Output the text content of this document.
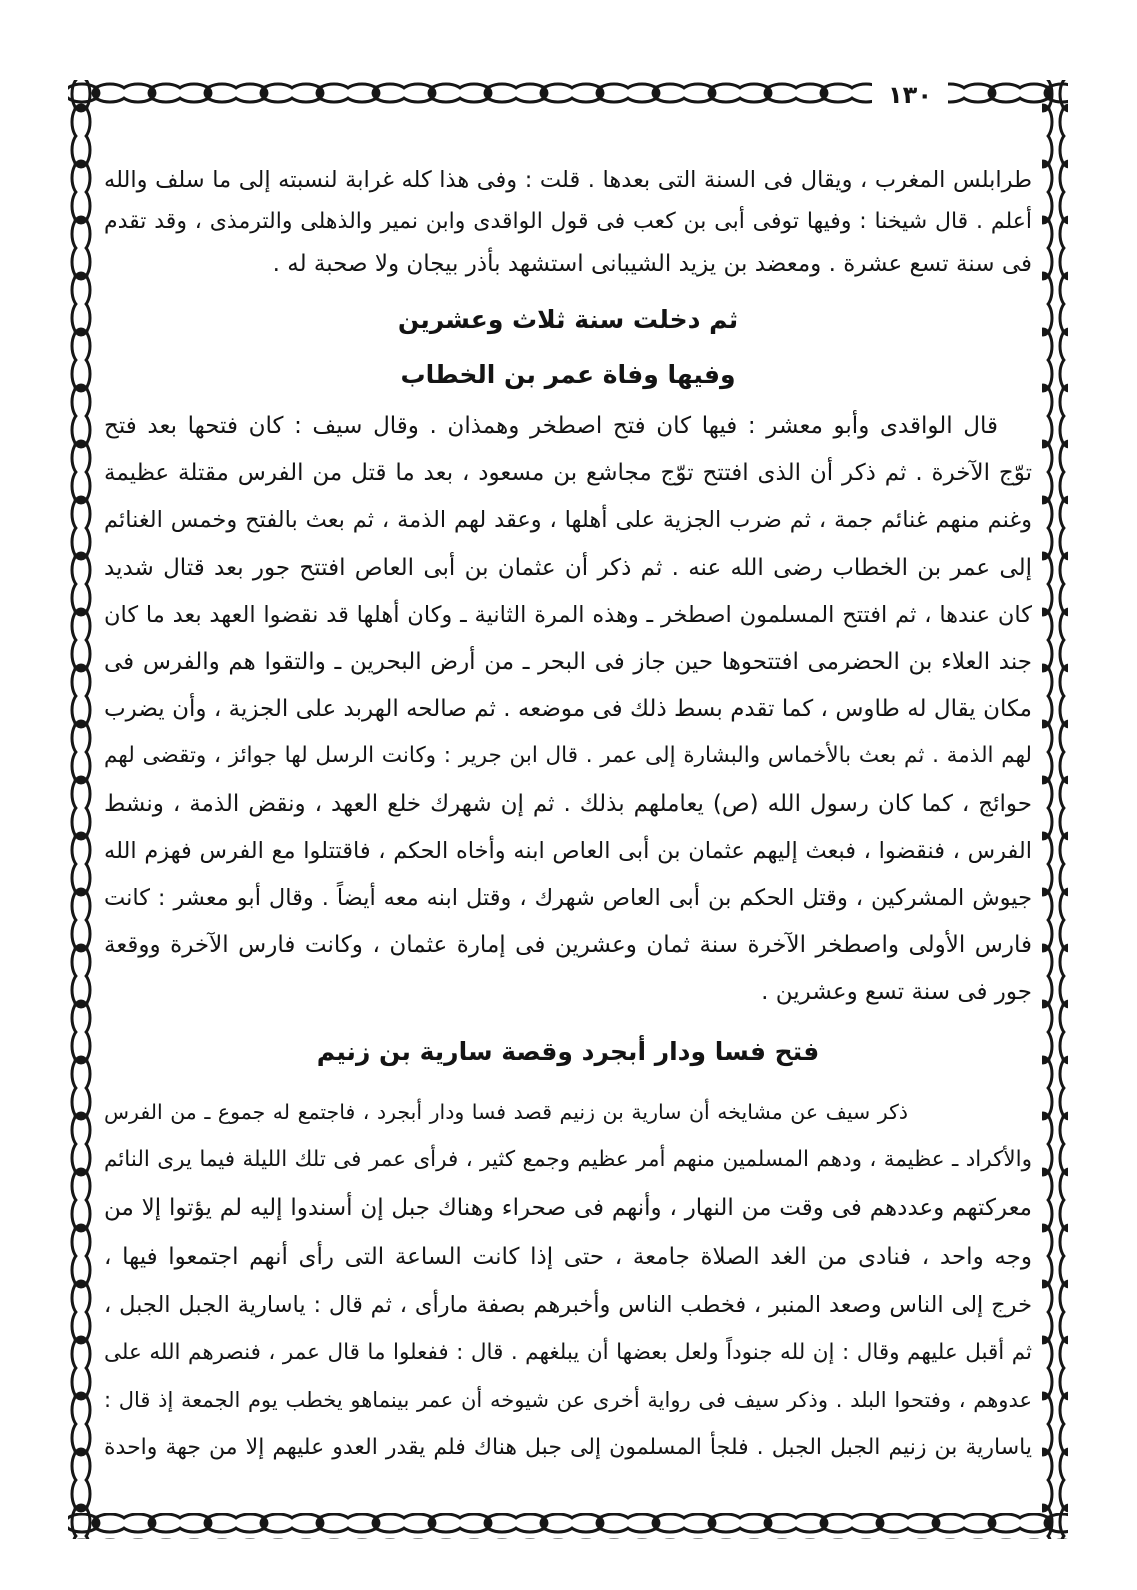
١٣٠
طرابلس المغرب ، ويقال فى السنة التى بعدها . قلت : وفى هذا كله غرابة لنسبته إلى ما سلف والله
أعلم . قال شيخنا : وفيها توفى أبى بن كعب فى قول الواقدى وابن نمير والذهلى والترمذى ، وقد تقدم
فى سنة تسع عشرة . ومعضد بن يزيد الشيبانى استشهد بأذر بيجان ولا صحبة له .
ثم دخلت سنة ثلاث وعشرين
وفيها وفاة عمر بن الخطاب
قال الواقدى وأبو معشر : فيها كان فتح اصطخر وهمذان . وقال سيف : كان فتحها بعد فتح
توّج الآخرة . ثم ذكر أن الذى افتتح توّج مجاشع بن مسعود ، بعد ما قتل من الفرس مقتلة عظيمة
وغنم منهم غنائم جمة ، ثم ضرب الجزية على أهلها ، وعقد لهم الذمة ، ثم بعث بالفتح وخمس الغنائم
إلى عمر بن الخطاب رضى الله عنه . ثم ذكر أن عثمان بن أبى العاص افتتح جور بعد قتال شديد
كان عندها ، ثم افتتح المسلمون اصطخر ـ وهذه المرة الثانية ـ وكان أهلها قد نقضوا العهد بعد ما كان
جند العلاء بن الحضرمى افتتحوها حين جاز فى البحر ـ من أرض البحرين ـ والتقوا هم والفرس فى
مكان يقال له طاوس ، كما تقدم بسط ذلك فى موضعه . ثم صالحه الهربد على الجزية ، وأن يضرب
لهم الذمة . ثم بعث بالأخماس والبشارة إلى عمر . قال ابن جرير : وكانت الرسل لها جوائز ، وتقضى لهم
حوائج ، كما كان رسول الله (ص) يعاملهم بذلك . ثم إن شهرك خلع العهد ، ونقض الذمة ، ونشط
الفرس ، فنقضوا ، فبعث إليهم عثمان بن أبى العاص ابنه وأخاه الحكم ، فاقتتلوا مع الفرس فهزم الله
جيوش المشركين ، وقتل الحكم بن أبى العاص شهرك ، وقتل ابنه معه أيضاً . وقال أبو معشر : كانت
فارس الأولى واصطخر الآخرة سنة ثمان وعشرين فى إمارة عثمان ، وكانت فارس الآخرة ووقعة
جور فى سنة تسع وعشرين .
فتح فسا ودار أبجرد وقصة سارية بن زنيم
ذكر سيف عن مشايخه أن سارية بن زنيم قصد فسا ودار أبجرد ، فاجتمع له جموع ـ من الفرس
والأكراد ـ عظيمة ، ودهم المسلمين منهم أمر عظيم وجمع كثير ، فرأى عمر فى تلك الليلة فيما يرى النائم
معركتهم وعددهم فى وقت من النهار ، وأنهم فى صحراء وهناك جبل إن أسندوا إليه لم يؤتوا إلا من
وجه واحد ، فنادى من الغد الصلاة جامعة ، حتى إذا كانت الساعة التى رأى أنهم اجتمعوا فيها ،
خرج إلى الناس وصعد المنبر ، فخطب الناس وأخبرهم بصفة مارأى ، ثم قال : ياسارية الجبل الجبل ،
ثم أقبل عليهم وقال : إن لله جنوداً ولعل بعضها أن يبلغهم . قال : ففعلوا ما قال عمر ، فنصرهم الله على
عدوهم ، وفتحوا البلد . وذكر سيف فى رواية أخرى عن شيوخه أن عمر بينماهو يخطب يوم الجمعة إذ قال :
ياسارية بن زنيم الجبل الجبل . فلجأ المسلمون إلى جبل هناك فلم يقدر العدو عليهم إلا من جهة واحدة
